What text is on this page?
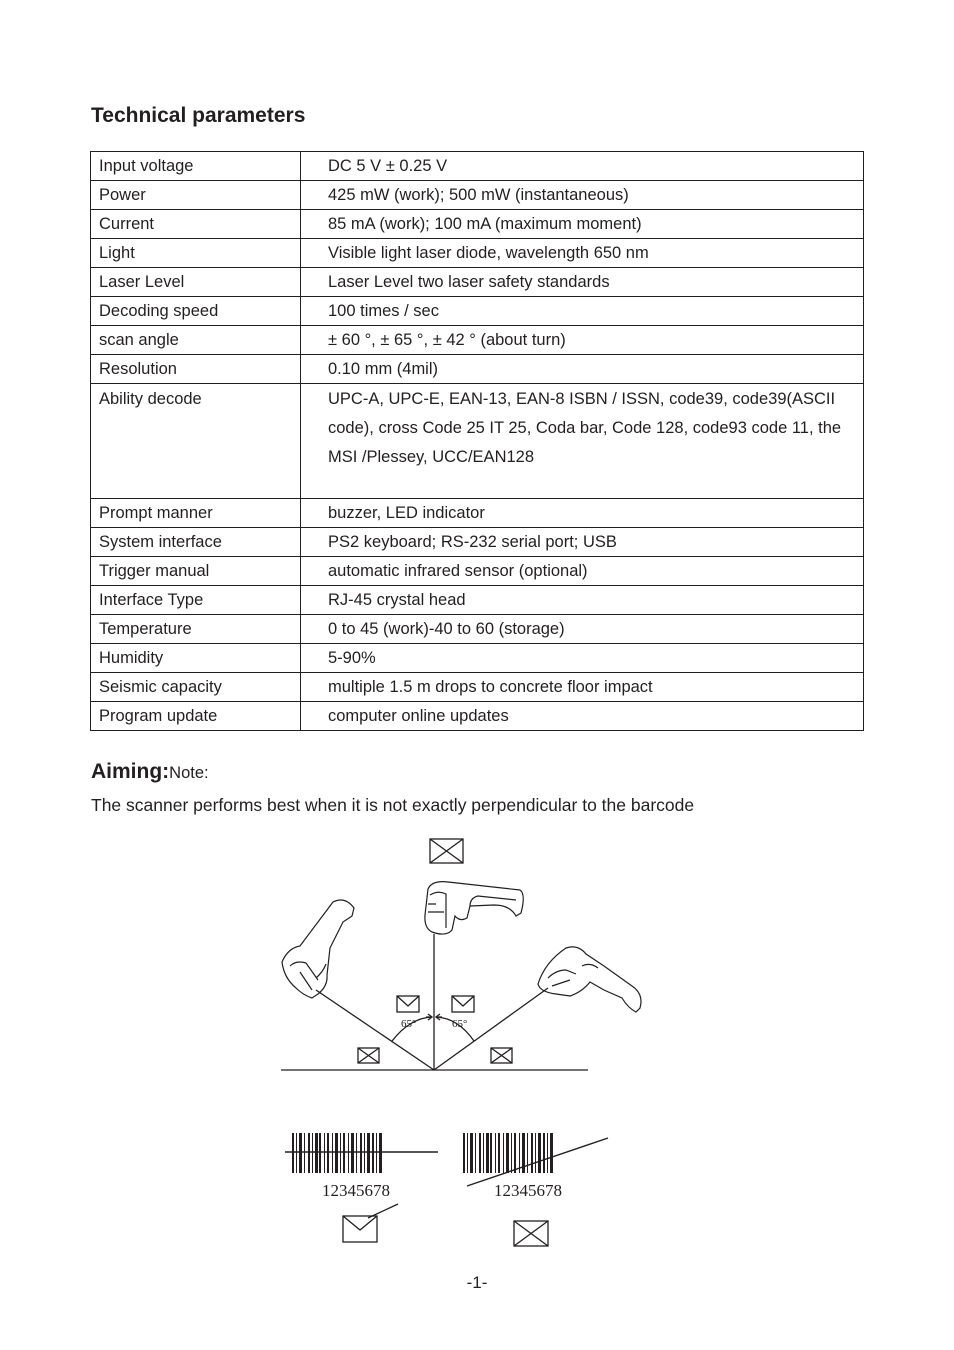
Technical parameters
Input voltage	DC 5 V ± 0.25 V
Power	425 mW (work); 500 mW (instantaneous)
Current	85 mA (work); 100 mA (maximum moment)
Light	Visible light laser diode, wavelength 650 nm
Laser Level	Laser Level two laser safety standards
Decoding speed	100 times / sec
scan angle	± 60 °, ± 65 °, ± 42 ° (about turn)
Resolution	0.10 mm (4mil)
Ability decode	UPC-A, UPC-E, EAN-13, EAN-8 ISBN / ISSN, code39, code39(ASCII code), cross Code 25 IT 25, Coda bar, Code 128, code93 code 11, the MSI /Plessey, UCC/EAN128
Prompt manner	buzzer, LED indicator
System interface	PS2 keyboard; RS-232 serial port; USB
Trigger manual	automatic infrared sensor (optional)
Interface Type	RJ-45 crystal head
Temperature	0 to 45 (work)-40 to 60 (storage)
Humidity	5-90%
Seismic capacity	multiple 1.5 m drops to concrete floor impact
Program update	computer online updates

Aiming:Note:

The scanner performs best when it is not exactly perpendicular to the barcode

65°	65°
12345678	12345678
-1-
